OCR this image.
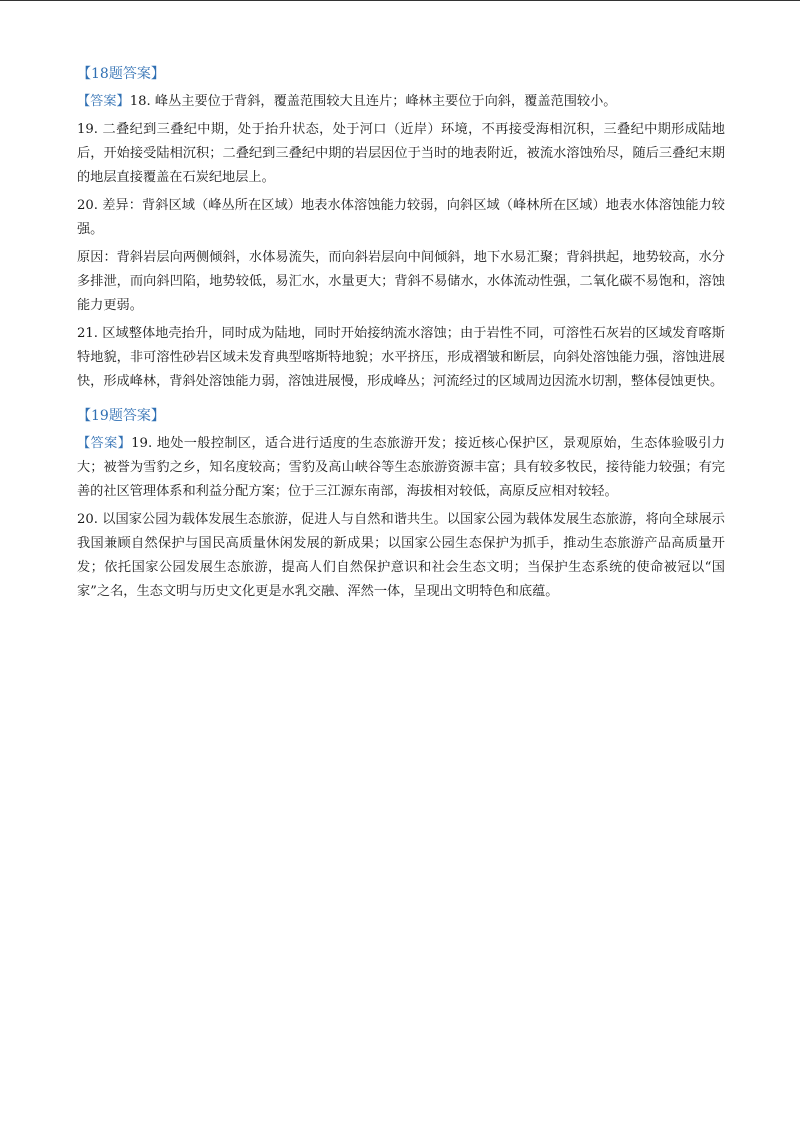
【18题答案】

【答案】18. 峰丛主要位于背斜，覆盖范围较大且连片；峰林主要位于向斜，覆盖范围较小。

19. 二叠纪到三叠纪中期，处于抬升状态，处于河口（近岸）环境，不再接受海相沉积，三叠纪中期形成陆地后，开始接受陆相沉积；二叠纪到三叠纪中期的岩层因位于当时的地表附近，被流水溶蚀殆尽，随后三叠纪末期的地层直接覆盖在石炭纪地层上。

20. 差异：背斜区域（峰丛所在区域）地表水体溶蚀能力较弱，向斜区域（峰林所在区域）地表水体溶蚀能力较强。

原因：背斜岩层向两侧倾斜，水体易流失，而向斜岩层向中间倾斜，地下水易汇聚；背斜拱起，地势较高，水分多排泄，而向斜凹陷，地势较低，易汇水，水量更大；背斜不易储水，水体流动性强，二氧化碳不易饱和，溶蚀能力更弱。

21. 区域整体地壳抬升，同时成为陆地，同时开始接纳流水溶蚀；由于岩性不同，可溶性石灰岩的区域发育喀斯特地貌，非可溶性砂岩区域未发育典型喀斯特地貌；水平挤压，形成褶皱和断层，向斜处溶蚀能力强，溶蚀进展快，形成峰林，背斜处溶蚀能力弱，溶蚀进展慢，形成峰丛；河流经过的区域周边因流水切割，整体侵蚀更快。

【19题答案】

【答案】19. 地处一般控制区，适合进行适度的生态旅游开发；接近核心保护区，景观原始，生态体验吸引力大；被誉为雪豹之乡，知名度较高；雪豹及高山峡谷等生态旅游资源丰富；具有较多牧民，接待能力较强；有完善的社区管理体系和利益分配方案；位于三江源东南部，海拔相对较低，高原反应相对较轻。

20. 以国家公园为载体发展生态旅游，促进人与自然和谐共生。以国家公园为载体发展生态旅游，将向全球展示我国兼顾自然保护与国民高质量休闲发展的新成果；以国家公园生态保护为抓手，推动生态旅游产品高质量开发；依托国家公园发展生态旅游，提高人们自然保护意识和社会生态文明；当保护生态系统的使命被冠以“国家”之名，生态文明与历史文化更是水乳交融、浑然一体，呈现出文明特色和底蕴。
